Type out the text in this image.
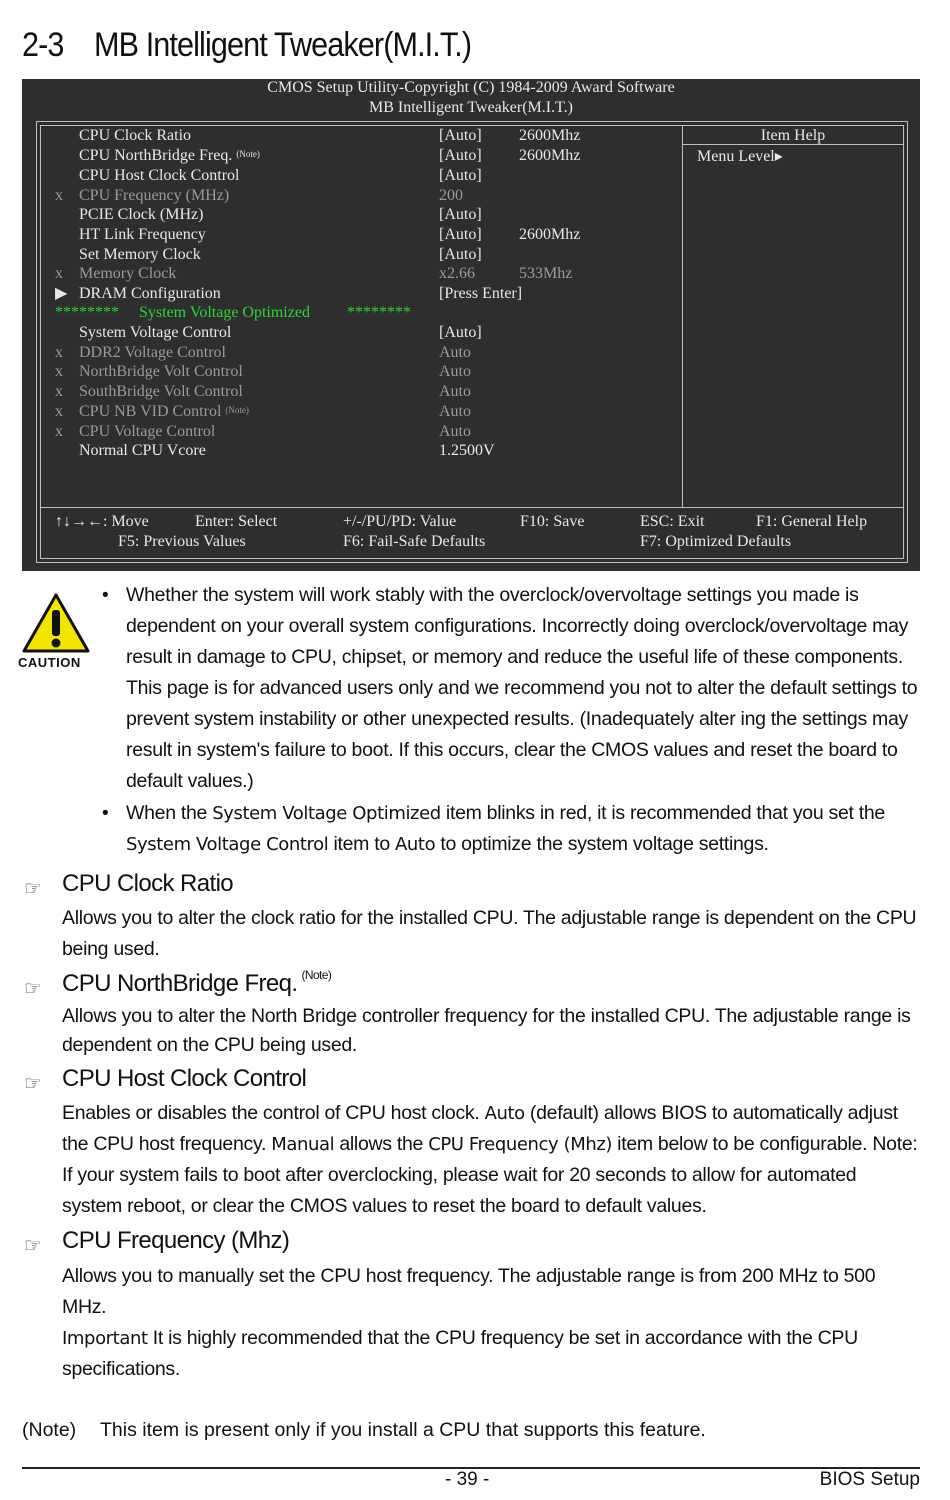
2-3 MB Intelligent Tweaker(M.I.T.)
CMOS Setup Utility-Copyright (C) 1984-2009 Award Software
MB Intelligent Tweaker(M.I.T.)
Item Help
Menu Level▸
CPU Clock Ratio	[Auto] 2600Mhz
CPU NorthBridge Freq. $^{(Note)}$	[Auto] 2600Mhz
CPU Host Clock Control	[Auto]
x CPU Frequency (MHz)	200
PCIE Clock (MHz)	[Auto]
HT Link Frequency	[Auto] 2600Mhz
Set Memory Clock	[Auto]
x Memory Clock	x2.66	533Mhz
▶ DRAM Configuration	[Press Enter]
System Voltage Control	[Auto]
x DDR2 Voltage Control	Auto
x NorthBridge Volt Control	Auto
x SouthBridge Volt Control	Auto
x CPU NB VID Control $^{(Note)}$	Auto
x CPU Voltage Control	Auto
Normal CPU Vcore	1.2500V
******** System Voltage Optimized ********
↑↓→←: Move	Enter: Select	+/-/PU/PD: Value	F10: Save	ESC: Exit	F1: General Help
F5: Previous Values	F6: Fail-Safe Defaults	F7: Optimized Defaults
CAUTION
• Whether the system will work stably with the overclock/overvoltage settings you made is dependent on your overall system configurations. Incorrectly doing overclock/overvoltage may result in damage to CPU, chipset, or memory and reduce the useful life of these components. This page is for advanced users only and we recommend you not to alter the default settings to prevent system instability or other unexpected results. (Inadequately alter ing the settings may result in system's failure to boot. If this occurs, clear the CMOS values and reset the board to default values.)
• When the System Voltage Optimized item blinks in red, it is recommended that you set the System Voltage Control item to Auto to optimize the system voltage settings.
☞ CPU Clock Ratio
Allows you to alter the clock ratio for the installed CPU. The adjustable range is dependent on the CPU being used.
☞ CPU NorthBridge Freq. $^{(Note)}$
Allows you to alter the North Bridge controller frequency for the installed CPU. The adjustable range is dependent on the CPU being used.
☞ CPU Host Clock Control
Enables or disables the control of CPU host clock. Auto (default) allows BIOS to automatically adjust the CPU host frequency. Manual allows the CPU Frequency (Mhz) item below to be configurable. Note: If your system fails to boot after overclocking, please wait for 20 seconds to allow for automated system reboot, or clear the CMOS values to reset the board to default values.
☞ CPU Frequency (Mhz)
Allows you to manually set the CPU host frequency. The adjustable range is from 200 MHz to 500 MHz.
Important It is highly recommended that the CPU frequency be set in accordance with the CPU specifications.
(Note) This item is present only if you install a CPU that supports this feature.
- 39 -	BIOS Setup
